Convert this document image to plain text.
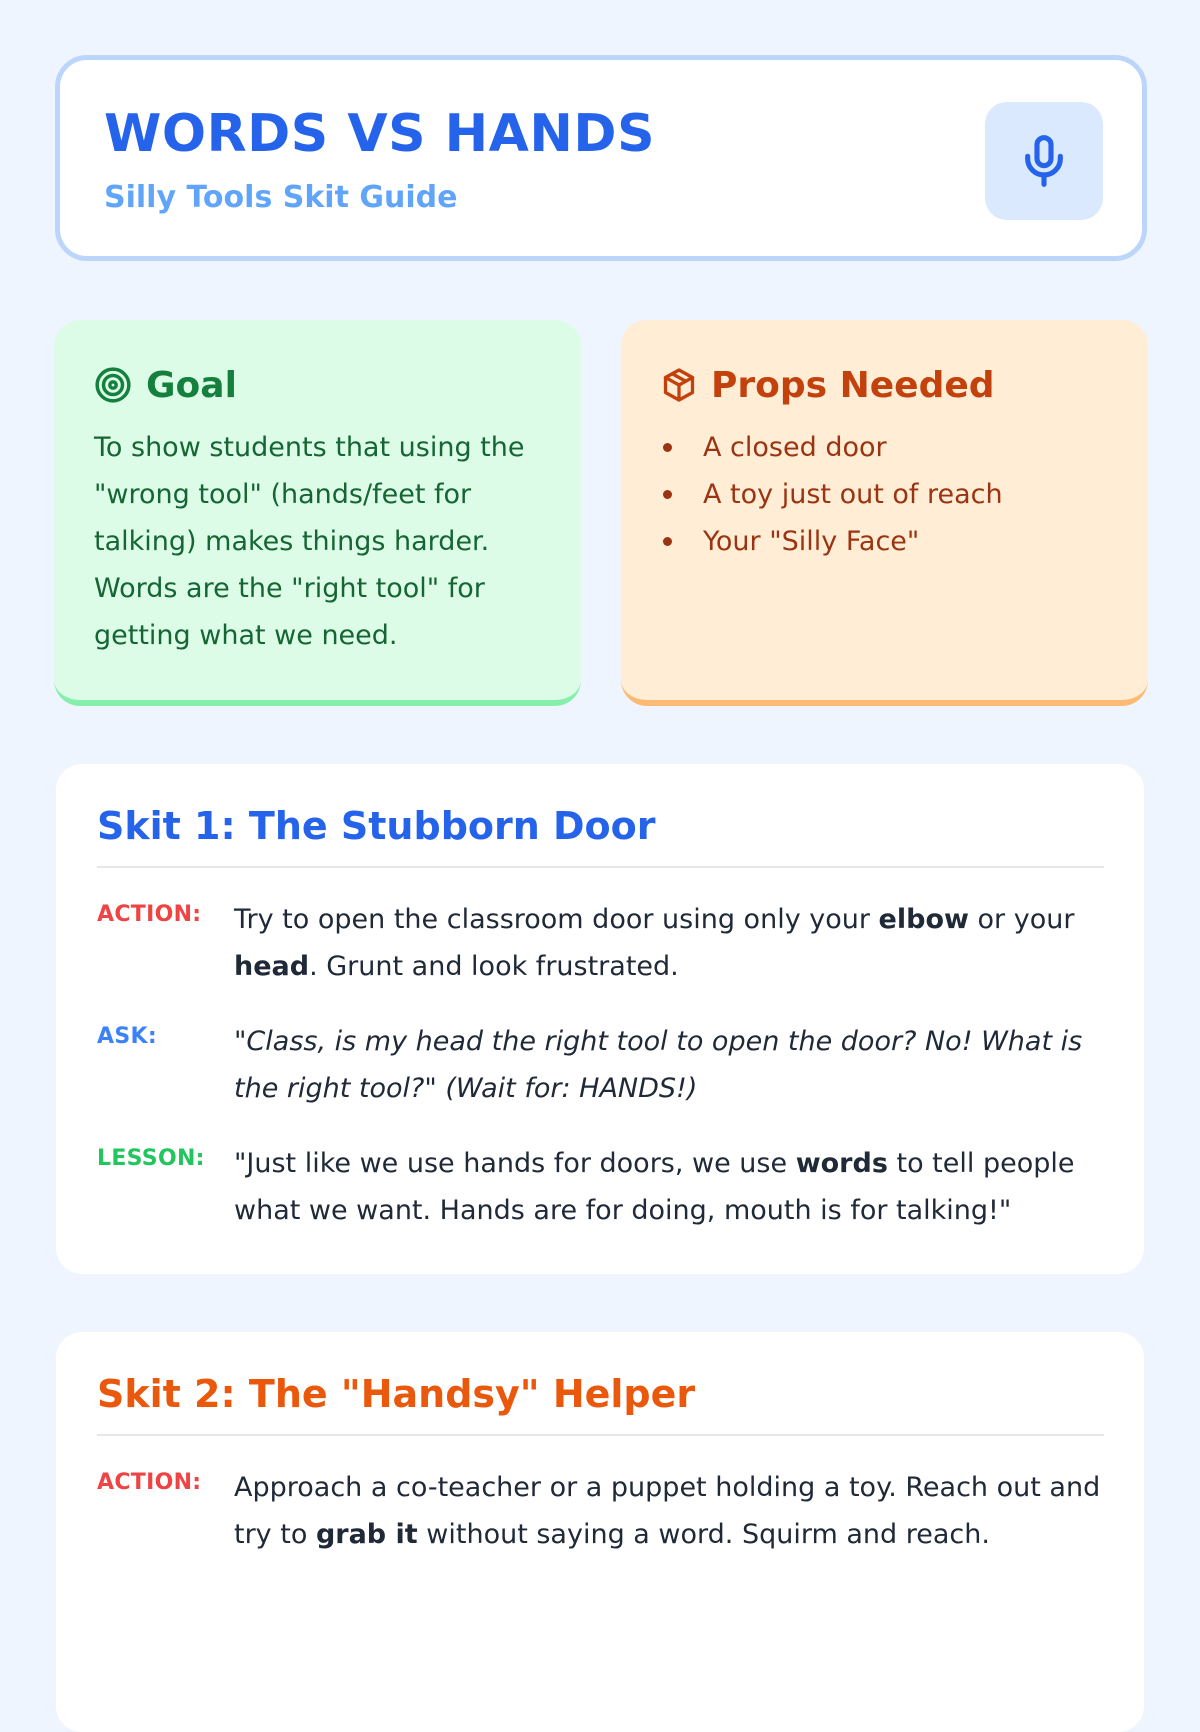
WORDS VS HANDS
Silly Tools Skit Guide
Goal

To show students that using the "wrong tool" (hands/feet for talking) makes things harder. Words are the "right tool" for getting what we need.

Props Needed
A closed door
A toy just out of reach
Your "Silly Face"
Skit 1: The Stubborn Door
ACTION:	Try to open the classroom door using only your elbow or your head. Grunt and look frustrated.
ASK:	"Class, is my head the right tool to open the door? No! What is the right tool?" (Wait for: HANDS!)
LESSON:	"Just like we use hands for doors, we use words to tell people what we want. Hands are for doing, mouth is for talking!"
Skit 2: The "Handsy" Helper
ACTION:	Approach a co-teacher or a puppet holding a toy. Reach out and try to grab it without saying a word. Squirm and reach.
